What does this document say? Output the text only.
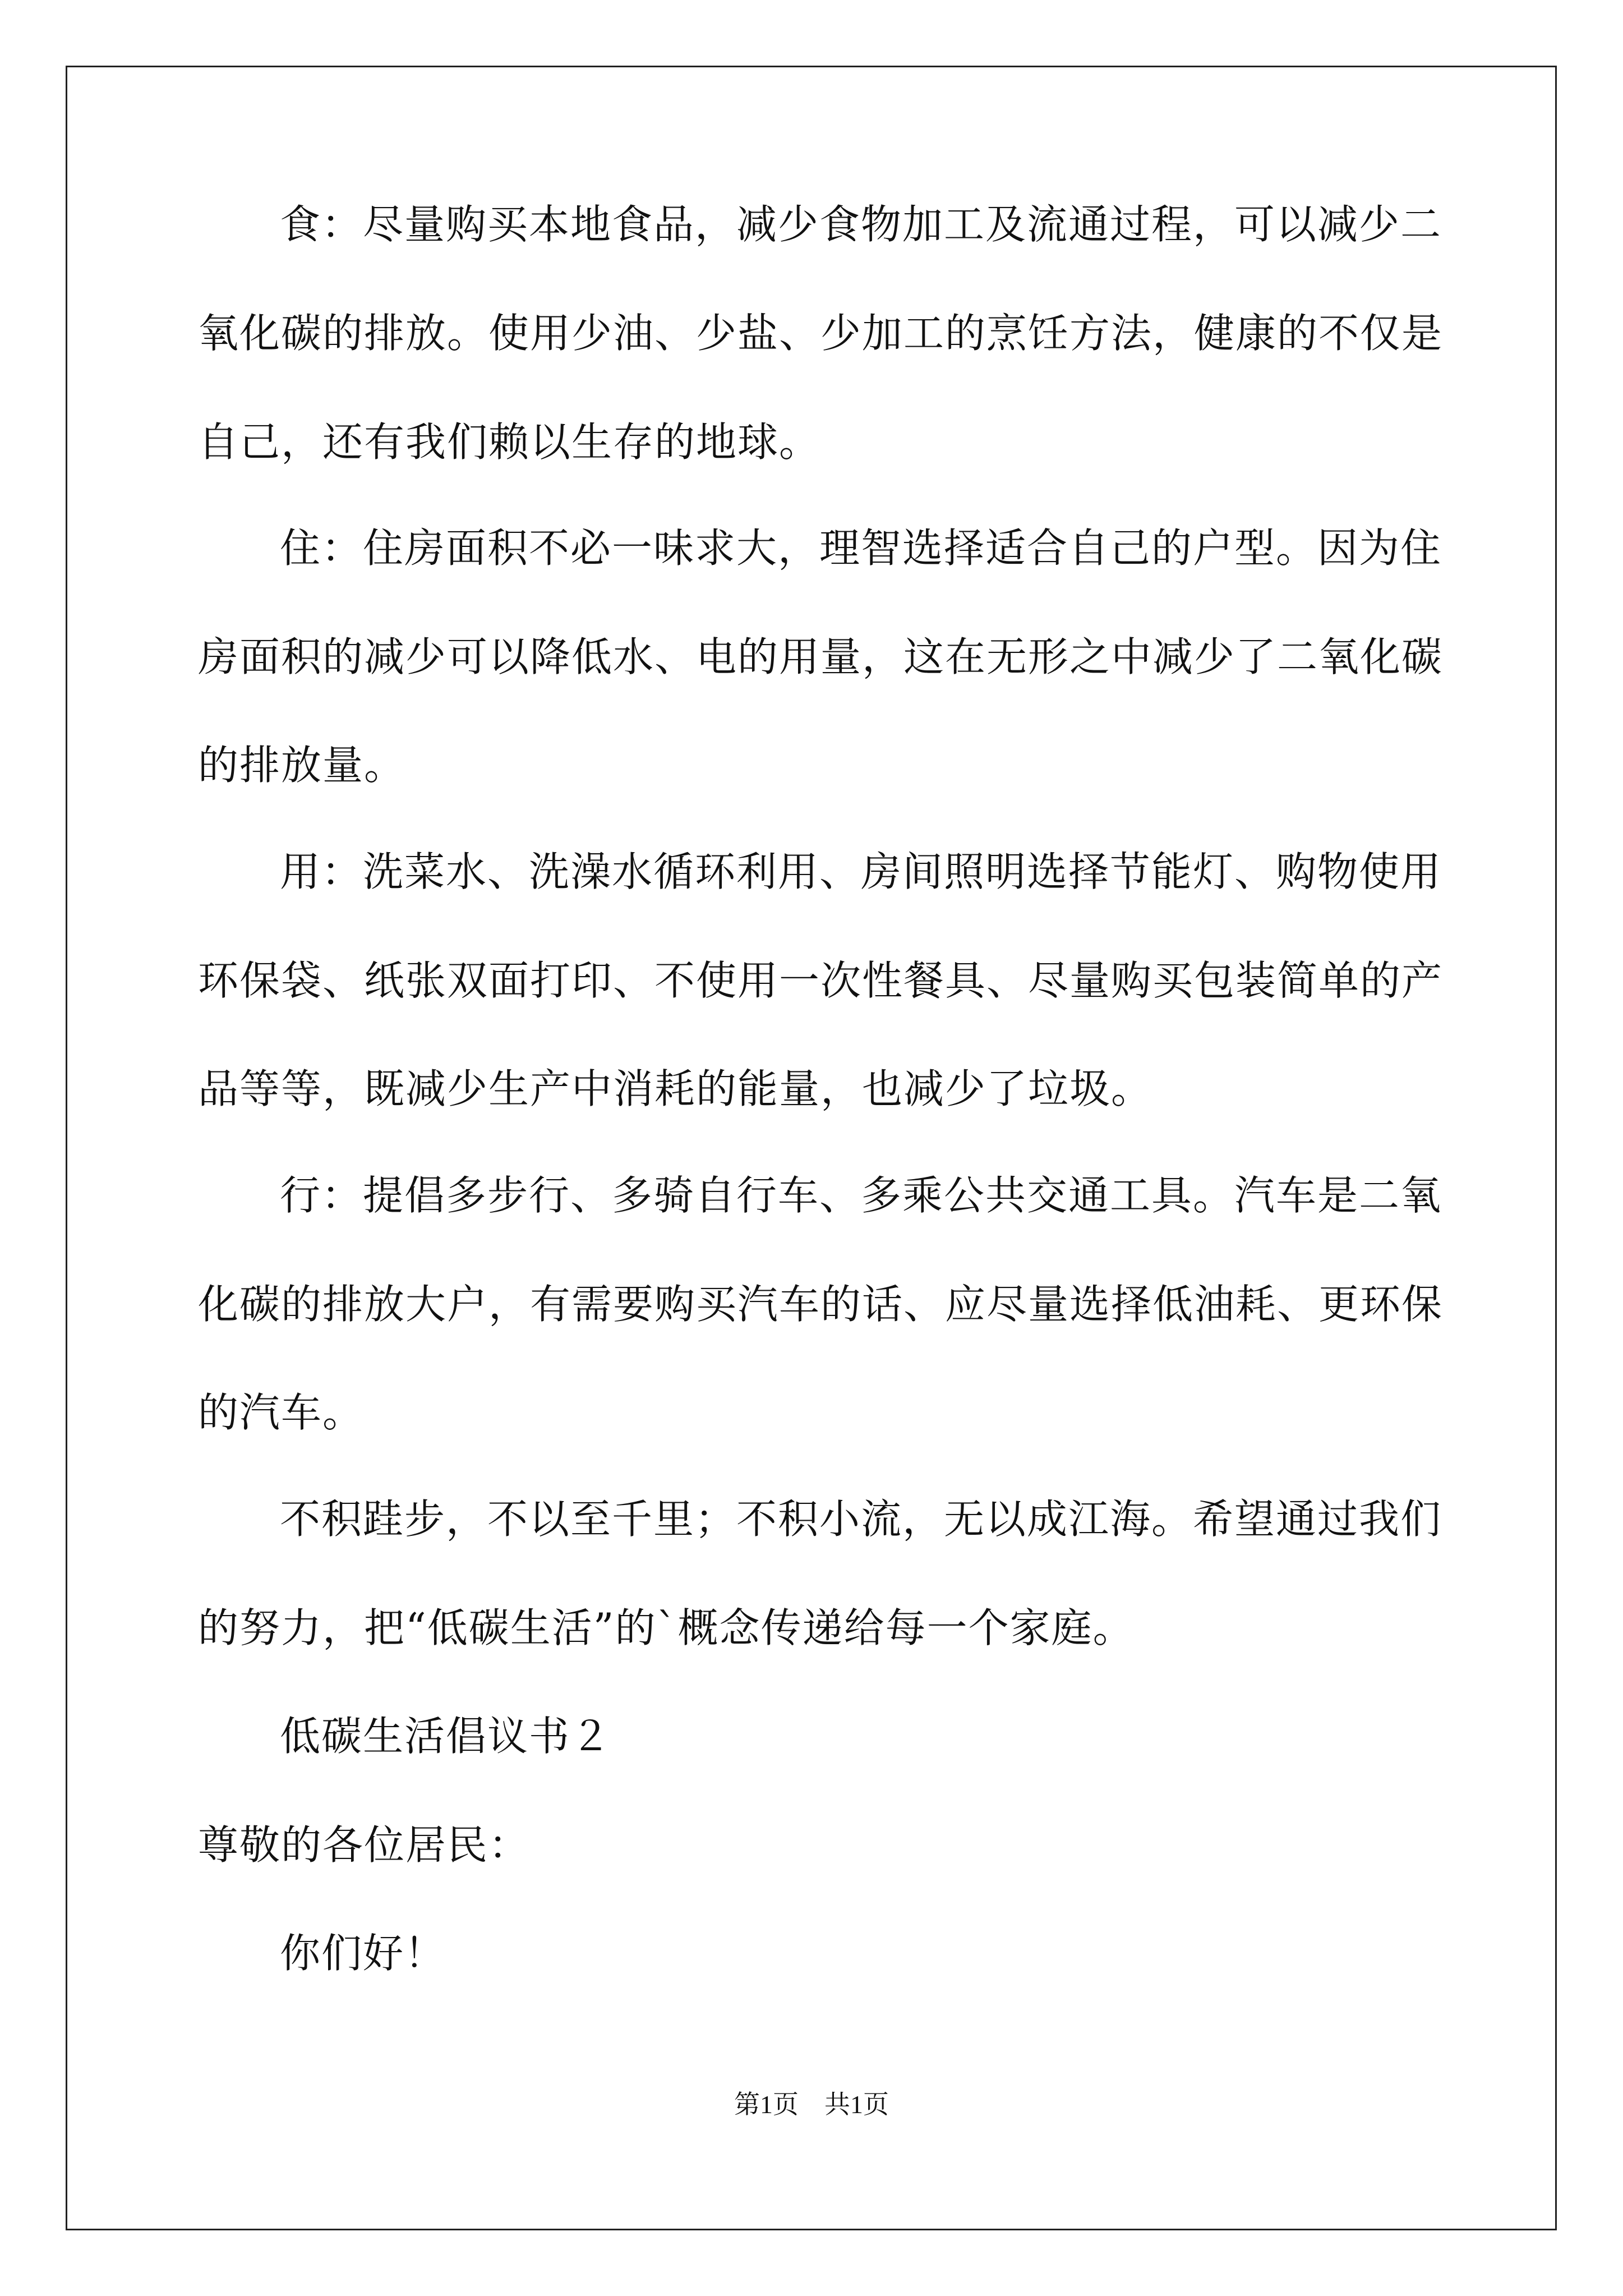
食：尽量购买本地食品，减少食物加工及流通过程，可以减少二

氧化碳的排放。使用少油、少盐、少加工的烹饪方法，健康的不仅是

自己，还有我们赖以生存的地球。

住：住房面积不必一味求大，理智选择适合自己的户型。因为住

房面积的减少可以降低水、电的用量，这在无形之中减少了二氧化碳

的排放量。

用：洗菜水、洗澡水循环利用、房间照明选择节能灯、购物使用

环保袋、纸张双面打印、不使用一次性餐具、尽量购买包装简单的产

品等等，既减少生产中消耗的能量，也减少了垃圾。

行：提倡多步行、多骑自行车、多乘公共交通工具。汽车是二氧

化碳的排放大户，有需要购买汽车的话、应尽量选择低油耗、更环保

的汽车。

不积跬步，不以至千里；不积小流，无以成江海。希望通过我们

的努力，把“低碳生活”的`概念传递给每一个家庭。

低碳生活倡议书２

尊敬的各位居民：

你们好！

第1页　共1页
